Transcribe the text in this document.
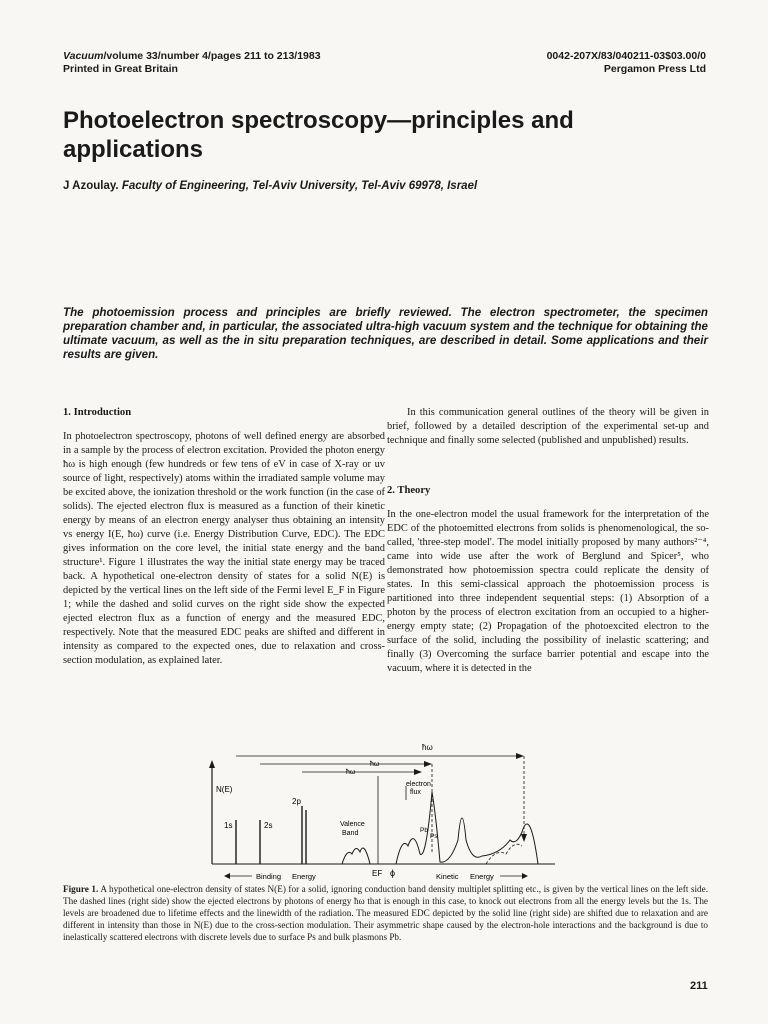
Vacuum/volume 33/number 4/pages 211 to 213/1983
Printed in Great Britain
0042-207X/83/040211-03$03.00/0
Pergamon Press Ltd
Photoelectron spectroscopy—principles and applications
J Azoulay. Faculty of Engineering, Tel-Aviv University, Tel-Aviv 69978, Israel

The photoemission process and principles are briefly reviewed. The electron spectrometer, the specimen preparation chamber and, in particular, the associated ultra-high vacuum system and the technique for obtaining the ultimate vacuum, as well as the in situ preparation techniques, are described in detail. Some applications and their results are given.

1. Introduction

In photoelectron spectroscopy, photons of well defined energy are absorbed in a sample by the process of electron excitation. Provided the photon energy ħω is high enough (few hundreds or few tens of eV in case of X-ray or uv source of light, respectively) atoms within the irradiated sample volume may be excited above, the ionization threshold or the work function (in the case of solids). The ejected electron flux is measured as a function of their kinetic energy by means of an electron energy analyser thus obtaining an intensity vs energy I(E, ħω) curve (i.e. Energy Distribution Curve, EDC). The EDC gives information on the core level, the initial state energy and the band structure¹. Figure 1 illustrates the way the initial state energy may be traced back. A hypothetical one-electron density of states for a solid N(E) is depicted by the vertical lines on the left side of the Fermi level E_F in Figure 1; while the dashed and solid curves on the right side show the expected ejected electron flux as a function of energy and the measured EDC, respectively. Note that the measured EDC peaks are shifted and different in intensity as compared to the expected ones, due to relaxation and cross-section modulation, as explained later.

In this communication general outlines of the theory will be given in brief, followed by a detailed description of the experimental set-up and technique and finally some selected (published and unpublished) results.

2. Theory

In the one-electron model the usual framework for the interpretation of the EDC of the photoemitted electrons from solids is phenomenological, the so-called, 'three-step model'. The model initially proposed by many authors²⁻⁴, came into wide use after the work of Berglund and Spicer⁵, who demonstrated how photoemission spectra could replicate the density of states. In this semi-classical approach the photoemission process is partitioned into three independent sequential steps: (1) Absorption of a photon by the process of electron excitation from an occupied to a higher-energy empty state; (2) Propagation of the photoexcited electron to the surface of the solid, including the possibility of inelastic scattering; and finally (3) Overcoming the surface barrier potential and escape into the vacuum, where it is detected in the

N(E)
1s	2s
2p
Valence
Band
EF ϕ
ħω
ħω
ħω
electron
flux
Pb
Ps
Binding Energy	Kinetic Energy

Figure 1. A hypothetical one-electron density of states N(E) for a solid, ignoring conduction band density multiplet splitting etc., is given by the vertical lines on the left side. The dashed lines (right side) show the ejected electrons by photons of energy ħω that is enough in this case, to knock out electrons from all the energy levels but the 1s. The levels are broadened due to lifetime effects and the linewidth of the radiation. The measured EDC depicted by the solid line (right side) are shifted due to relaxation and are different in intensity than those in N(E) due to the cross-section modulation. Their asymmetric shape caused by the electron-hole interactions and the background is due to inelastically scattered electrons with discrete levels due to surface Ps and bulk plasmons Pb.

211
